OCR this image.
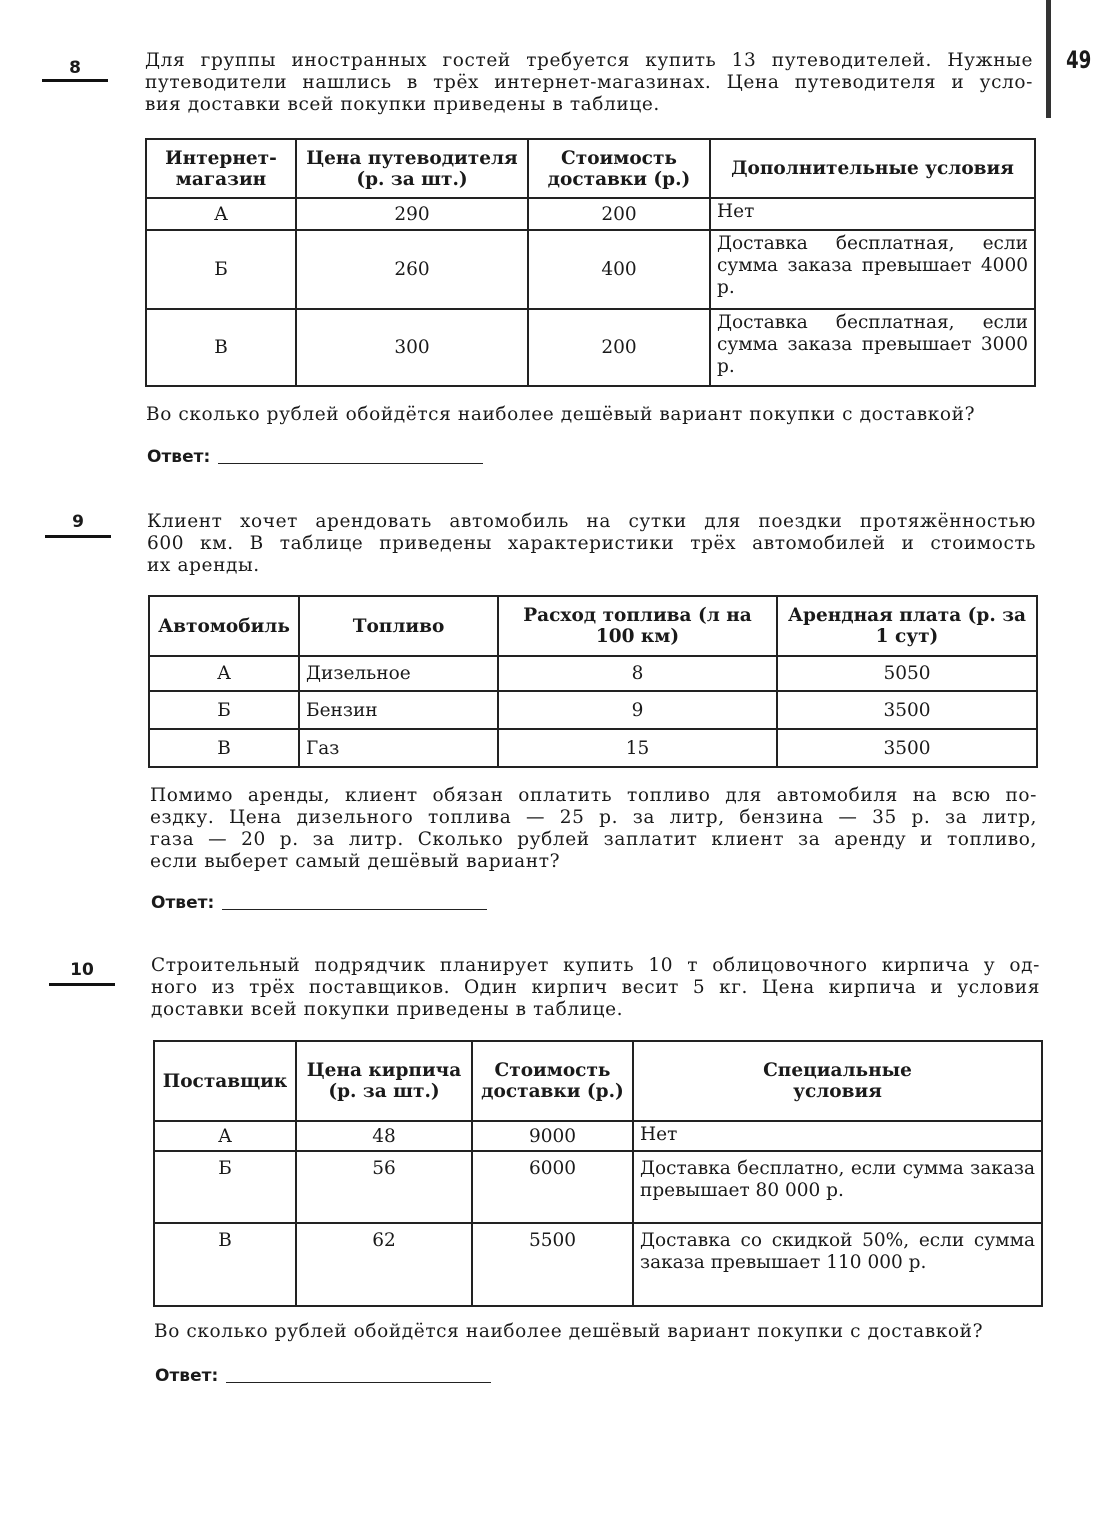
49
8	Для группы иностранных гостей требуется купить 13 путеводителей. Нужные
путеводители нашлись в трёх интернет-магазинах. Цена путеводителя и усло-
вия доставки всей покупки приведены в таблице.
Интернет-магазин	Цена путеводителя (р. за шт.)	Стоимость доставки (р.)	Дополнительные условия
А	290	200	Нет
Б	260	400	Доставка бесплатная, если сумма заказа превышает 4000 р.
В	300	200	Доставка бесплатная, если сумма заказа превышает 3000 р.
Во сколько рублей обойдётся наиболее дешёвый вариант покупки с доставкой?
Ответ:
9	Клиент хочет арендовать автомобиль на сутки для поездки протяжённостью
600 км. В таблице приведены характеристики трёх автомобилей и стоимость
их аренды.
Автомобиль	Топливо	Расход топлива (л на 100 км)	Арендная плата (р. за 1 сут)
А	Дизельное	8	5050
Б	Бензин	9	3500
В	Газ	15	3500
Помимо аренды, клиент обязан оплатить топливо для автомобиля на всю по-
ездку. Цена дизельного топлива — 25 р. за литр, бензина — 35 р. за литр,
газа — 20 р. за литр. Сколько рублей заплатит клиент за аренду и топливо,
если выберет самый дешёвый вариант?
Ответ:
10	Строительный подрядчик планирует купить 10 т облицовочного кирпича у од-
ного из трёх поставщиков. Один кирпич весит 5 кг. Цена кирпича и условия
доставки всей покупки приведены в таблице.
Поставщик	Цена кирпича (р. за шт.)	Стоимость доставки (р.)	Специальные условия
А	48	9000	Нет
Б	56	6000	Доставка бесплатно, если сумма заказа превышает 80 000 р.
В	62	5500	Доставка со скидкой 50%, если сумма заказа превышает 110 000 р.
Во сколько рублей обойдётся наиболее дешёвый вариант покупки с доставкой?
Ответ:
